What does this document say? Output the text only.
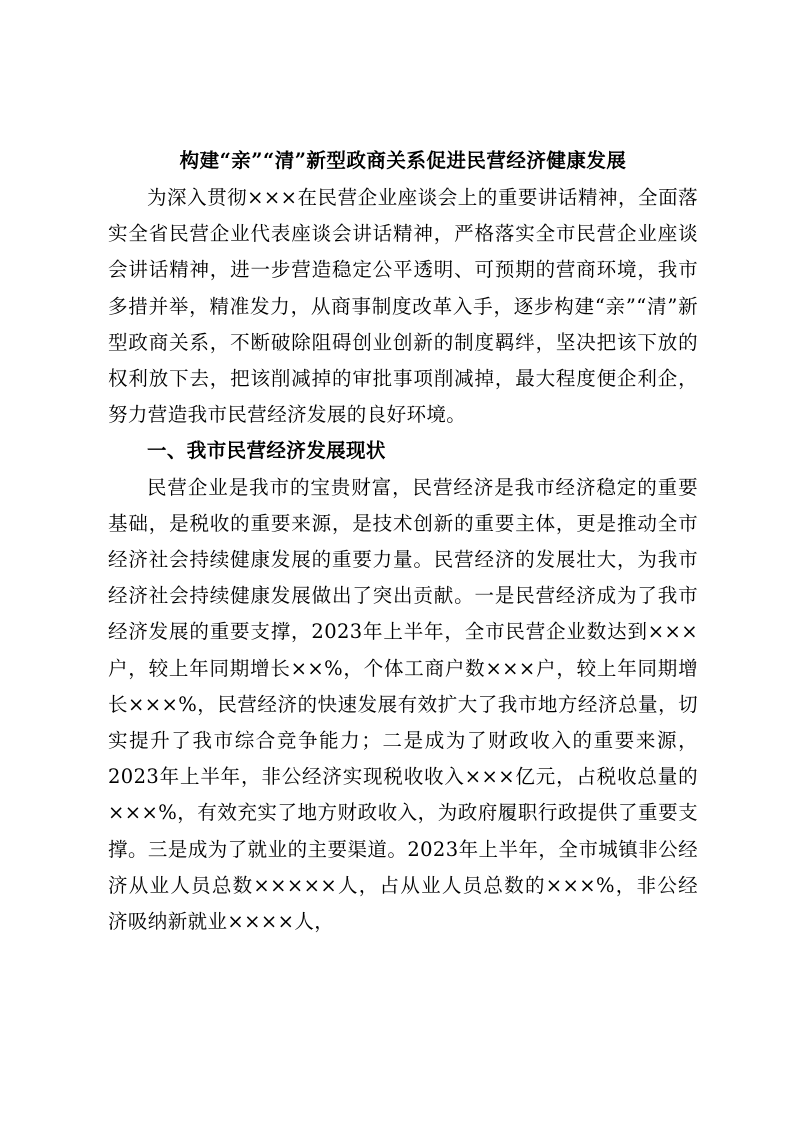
构建“亲”“清”新型政商关系促进民营经济健康发展

为深入贯彻×××在民营企业座谈会上的重要讲话精神，全面落实全省民营企业代表座谈会讲话精神，严格落实全市民营企业座谈会讲话精神，进一步营造稳定公平透明、可预期的营商环境，我市多措并举，精准发力，从商事制度改革入手，逐步构建“亲”“清”新型政商关系，不断破除阻碍创业创新的制度羁绊，坚决把该下放的权利放下去，把该削减掉的审批事项削减掉，最大程度便企利企，努力营造我市民营经济发展的良好环境。

一、我市民营经济发展现状

民营企业是我市的宝贵财富，民营经济是我市经济稳定的重要基础，是税收的重要来源，是技术创新的重要主体，更是推动全市经济社会持续健康发展的重要力量。民营经济的发展壮大，为我市经济社会持续健康发展做出了突出贡献。一是民营经济成为了我市经济发展的重要支撑，2023年上半年，全市民营企业数达到×××户，较上年同期增长××%，个体工商户数×××户，较上年同期增长×××%，民营经济的快速发展有效扩大了我市地方经济总量，切实提升了我市综合竞争能力；二是成为了财政收入的重要来源，2023年上半年，非公经济实现税收收入×××亿元，占税收总量的×××%，有效充实了地方财政收入，为政府履职行政提供了重要支撑。三是成为了就业的主要渠道。2023年上半年，全市城镇非公经济从业人员总数×××××人，占从业人员总数的×××%，非公经济吸纳新就业××××人，
